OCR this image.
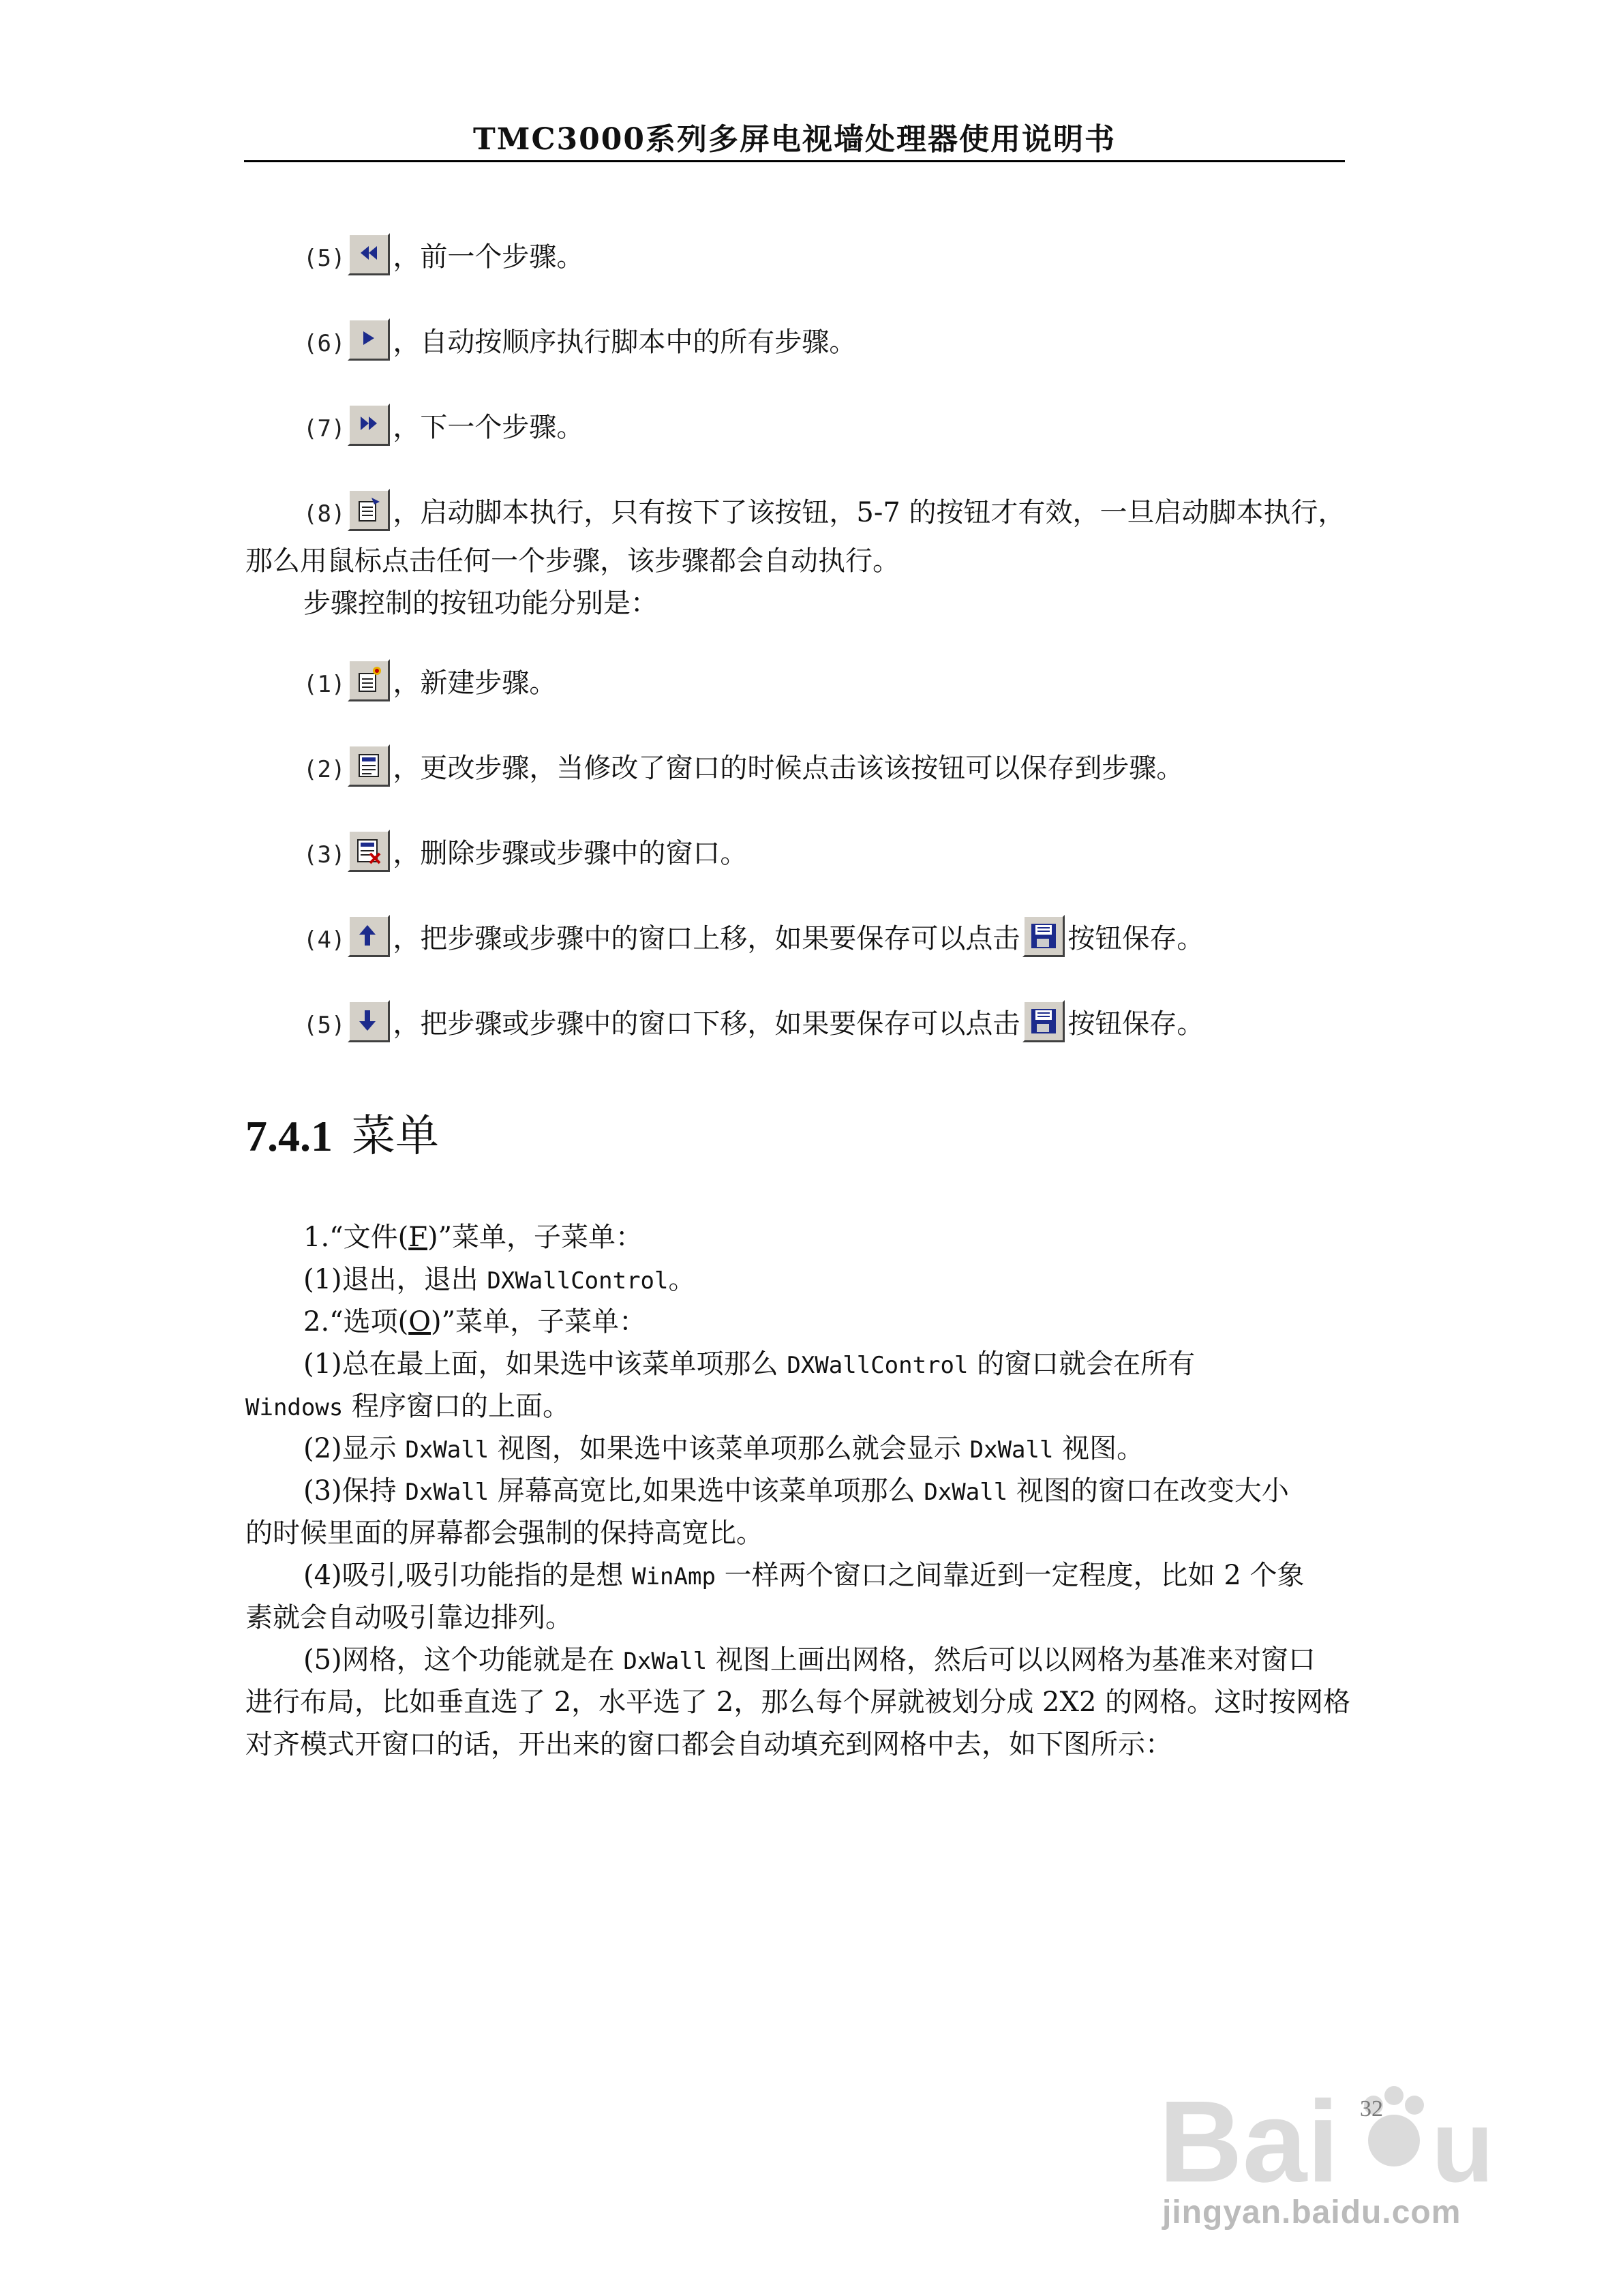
TMC3000系列多屏电视墙处理器使用说明书
(5) ，前一个步骤。
(6) ，自动按顺序执行脚本中的所有步骤。
(7) ，下一个步骤。
(8) ，启动脚本执行，只有按下了该按钮，5-7 的按钮才有效，一旦启动脚本执行，
那么用鼠标点击任何一个步骤，该步骤都会自动执行。
步骤控制的按钮功能分别是：
(1) ，新建步骤。
(2) ，更改步骤，当修改了窗口的时候点击该该按钮可以保存到步骤。
(3) ，删除步骤或步骤中的窗口。
(4) ，把步骤或步骤中的窗口上移，如果要保存可以点击 按钮保存。
(5) ，把步骤或步骤中的窗口下移，如果要保存可以点击 按钮保存。
7.4.1 菜单
1.“文件(F)”菜单，子菜单：
(1)退出，退出 DXWallControl。
2.“选项(O)”菜单，子菜单：
(1)总在最上面，如果选中该菜单项那么 DXWallControl 的窗口就会在所有
Windows 程序窗口的上面。
(2)显示 DxWall 视图，如果选中该菜单项那么就会显示 DxWall 视图。
(3)保持 DxWall 屏幕高宽比,如果选中该菜单项那么 DxWall 视图的窗口在改变大小
的时候里面的屏幕都会强制的保持高宽比。
(4)吸引,吸引功能指的是想 WinAmp 一样两个窗口之间靠近到一定程度，比如 2 个象
素就会自动吸引靠边排列。
(5)网格，这个功能就是在 DxWall 视图上画出网格，然后可以以网格为基准来对窗口
进行布局，比如垂直选了 2，水平选了 2，那么每个屏就被划分成 2X2 的网格。这时按网格
对齐模式开窗口的话，开出来的窗口都会自动填充到网格中去，如下图所示：
Bai u
jingyan.baidu.com
32
